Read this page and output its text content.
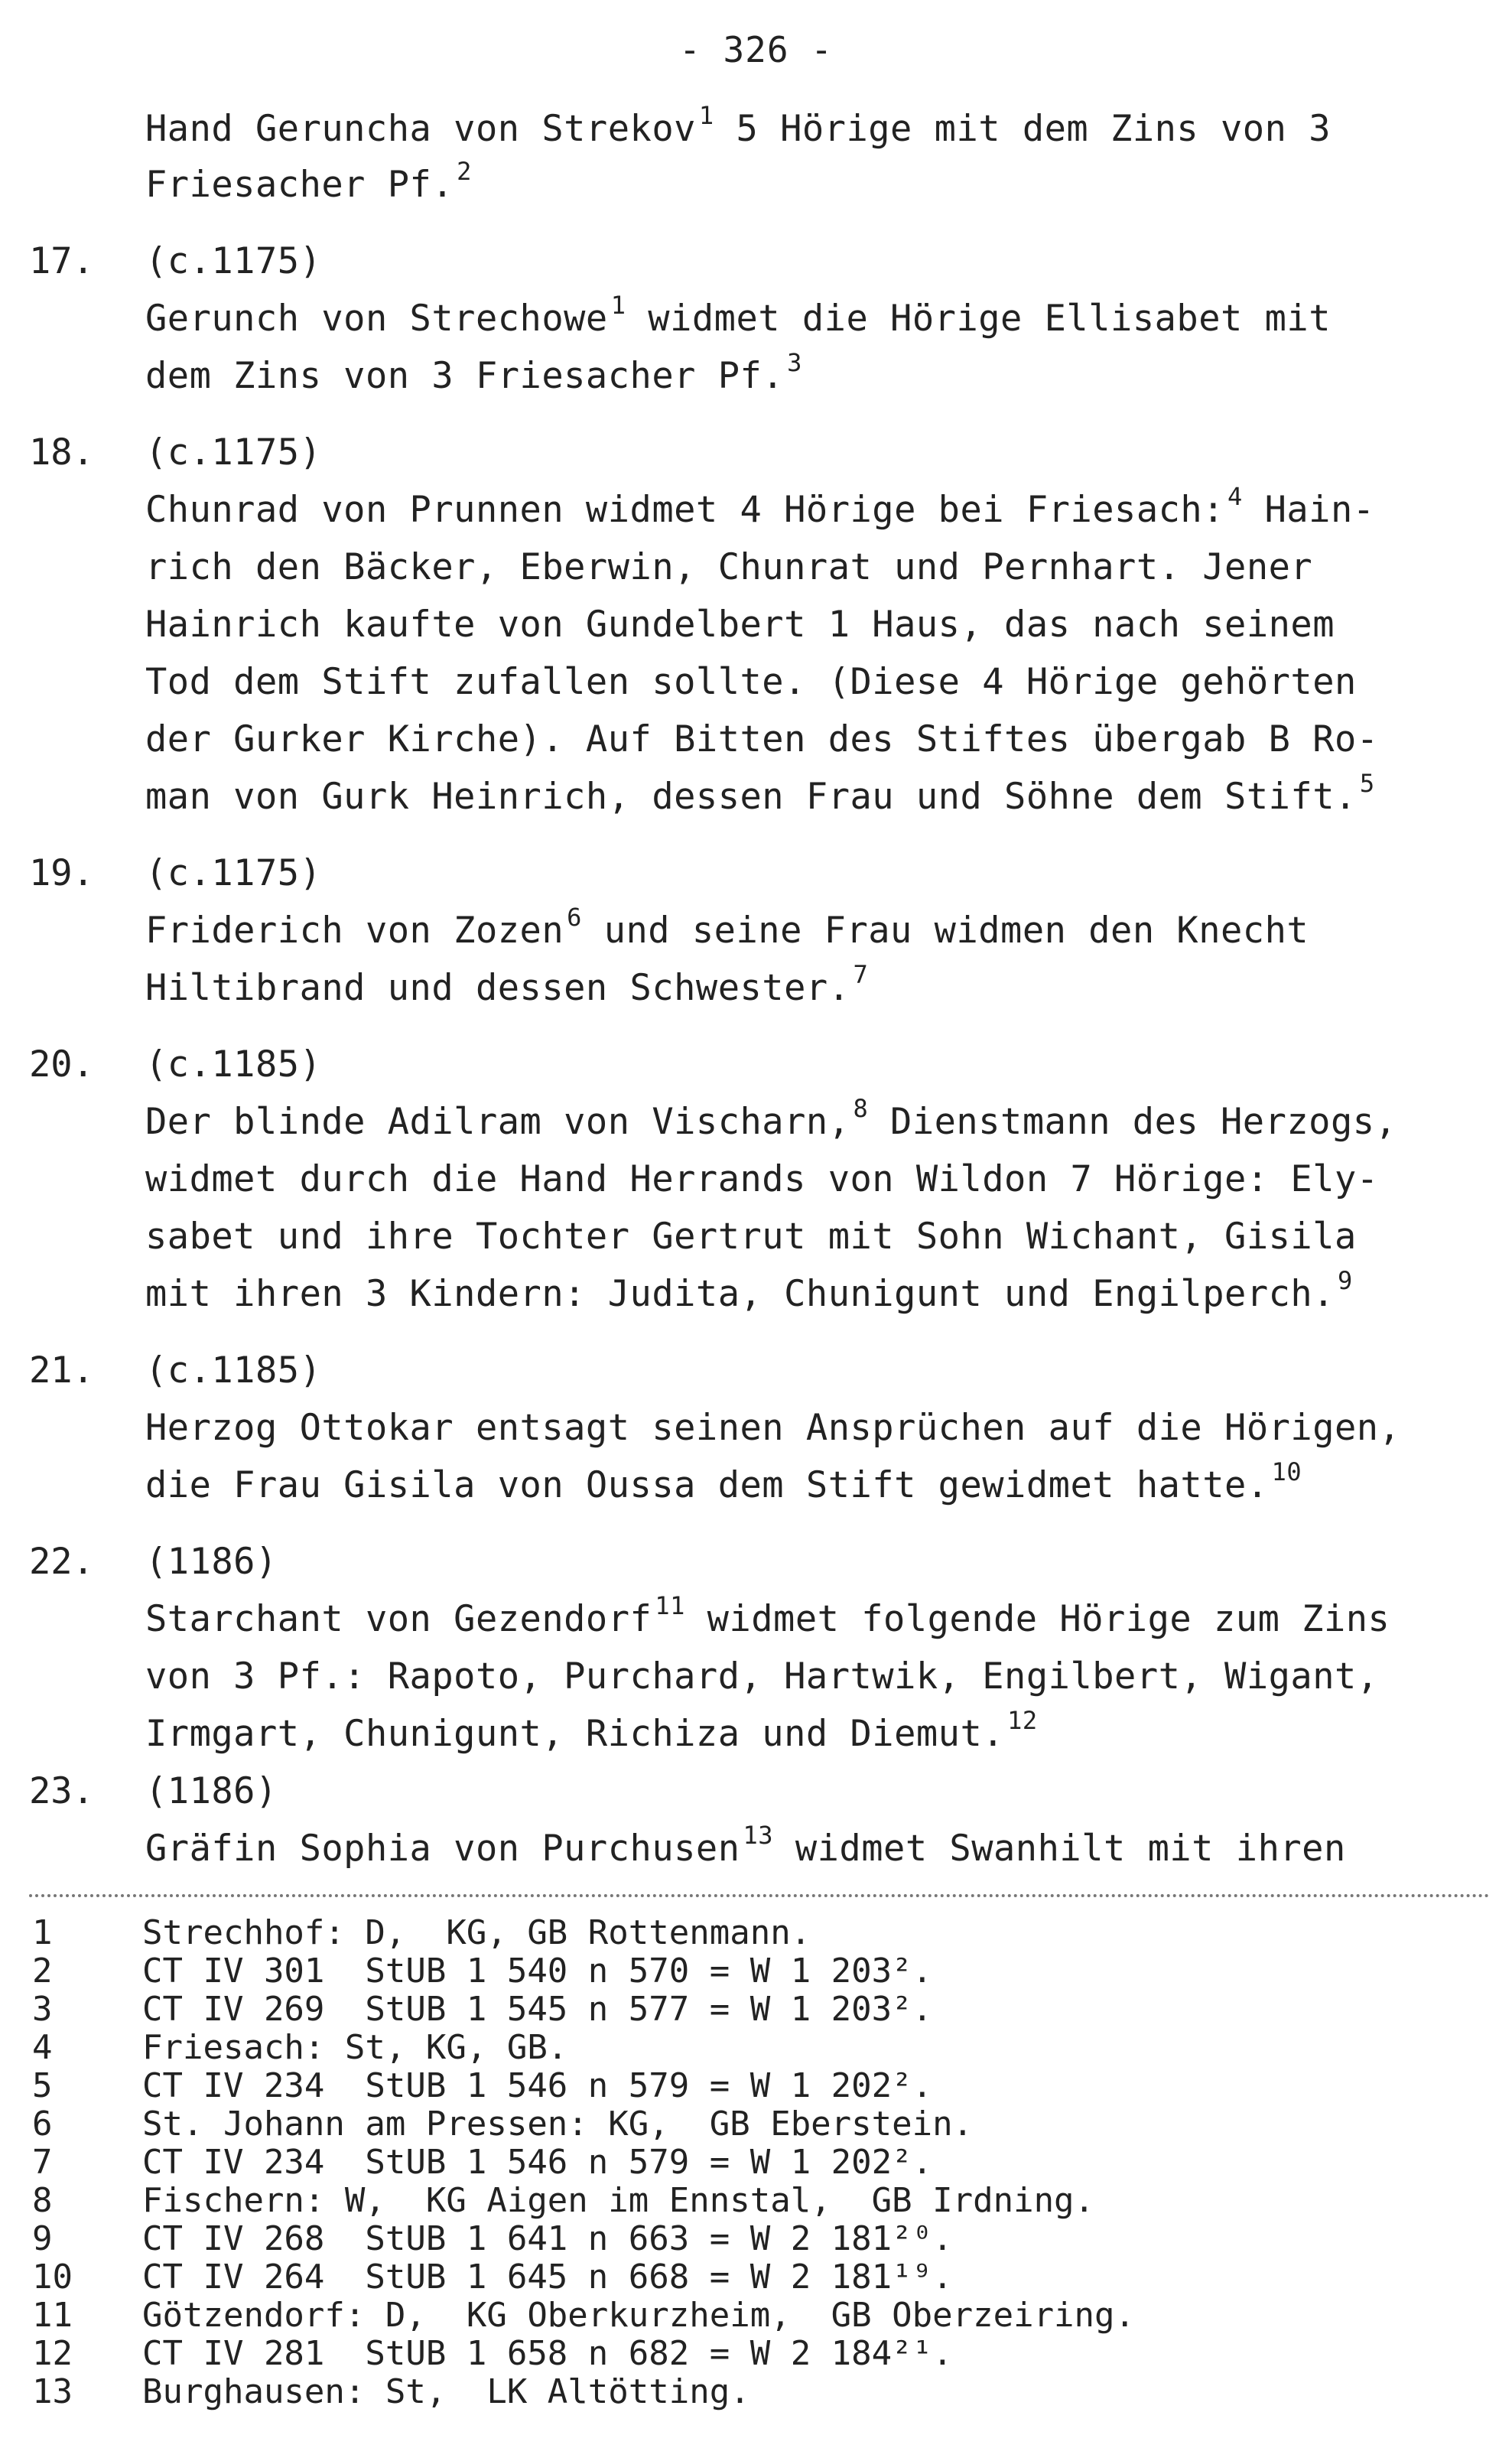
- 326 -
Hand Geruncha von Strekov $^1$ 5 Hörige mit dem Zins von 3
Friesacher Pf. $^2$
17. (c.1175)
Gerunch von Strechowe $^1$ widmet die Hörige Ellisabet mit
dem Zins von 3 Friesacher Pf. $^3$
18. (c.1175)
Chunrad von Prunnen widmet 4 Hörige bei Friesach: $^4$ Hain-
rich den Bäcker, Eberwin, Chunrat und Pernhart. Jener
Hainrich kaufte von Gundelbert 1 Haus, das nach seinem
Tod dem Stift zufallen sollte. (Diese 4 Hörige gehörten
der Gurker Kirche). Auf Bitten des Stiftes übergab B Ro-
man von Gurk Heinrich, dessen Frau und Söhne dem Stift. $^5$
19. (c.1175)
Friderich von Zozen $^6$ und seine Frau widmen den Knecht
Hiltibrand und dessen Schwester. $^7$
20. (c.1185)
Der blinde Adilram von Vischarn, $^8$ Dienstmann des Herzogs,
widmet durch die Hand Herrands von Wildon 7 Hörige: Ely-
sabet und ihre Tochter Gertrut mit Sohn Wichant, Gisila
mit ihren 3 Kindern: Judita, Chunigunt und Engilperch. $^9$
21. (c.1185)
Herzog Ottokar entsagt seinen Ansprüchen auf die Hörigen,
die Frau Gisila von Oussa dem Stift gewidmet hatte. $^{10}$
22. (1186)
Starchant von Gezendorf $^{11}$ widmet folgende Hörige zum Zins
von 3 Pf.: Rapoto, Purchard, Hartwik, Engilbert, Wigant,
Irmgart, Chunigunt, Richiza und Diemut. $^{12}$
23. (1186)
Gräfin Sophia von Purchusen $^{13}$ widmet Swanhilt mit ihren
1	Strechhof: D,  KG, GB Rottenmann.
2	CT IV 301  StUB 1 540 n 570 = W 1 203².
3	CT IV 269  StUB 1 545 n 577 = W 1 203².
4	Friesach: St, KG, GB.
5	CT IV 234  StUB 1 546 n 579 = W 1 202².
6	St. Johann am Pressen: KG,  GB Eberstein.
7	CT IV 234  StUB 1 546 n 579 = W 1 202².
8	Fischern: W,  KG Aigen im Ennstal,  GB Irdning.
9	CT IV 268  StUB 1 641 n 663 = W 2 181²⁰.
10 CT IV 264  StUB 1 645 n 668 = W 2 181¹⁹.
11 Götzendorf: D,  KG Oberkurzheim,  GB Oberzeiring.
12 CT IV 281  StUB 1 658 n 682 = W 2 184²¹.
13 Burghausen: St,  LK Altötting.
